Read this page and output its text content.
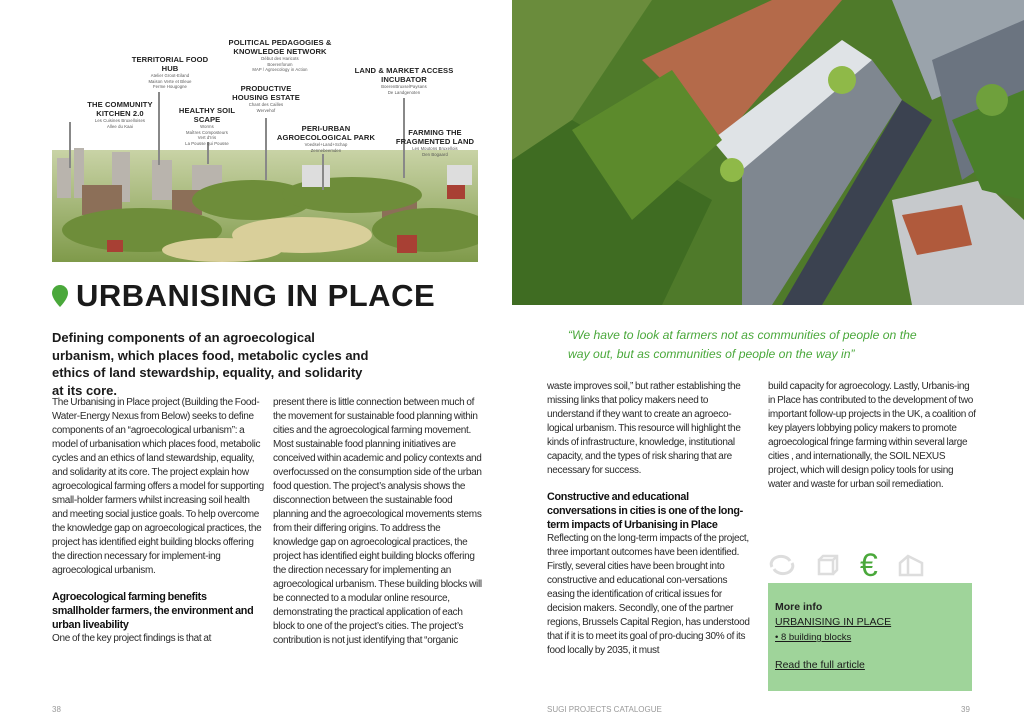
THE COMMUNITY KITCHEN 2.0
Les Cuisines Bruxelloises
Allee du Kaai
TERRITORIAL FOOD HUB
Atelier Groot-Eiland
Maison Verte et Bleue
Ferme Hougogne
HEALTHY SOIL SCAPE
Worms
Maîtres Composteurs
Vert d'Iris
La Pousse qui Pousse
POLITICAL PEDAGOGIES & KNOWLEDGE NETWORK
Début des Haricots
Boerenforum
MAP / Agroecology in Action
PRODUCTIVE HOUSING ESTATE
Chant des Cailles
Wervehof
PERI-URBAN AGROECOLOGICAL PARK
Voedsel+Land+Schap
Zennebeemden
LAND & MARKET ACCESS INCUBATOR
BoerenBruxselPaysans
De Landgenoten
FARMING THE FRAGMENTED LAND
Les Moutons Bruxellois
Den Bogaard
URBANISING IN PLACE
Defining components of an agroecological urbanism, which places food, metabolic cycles and ethics of land stewardship, equality, and solidarity at its core.

The Urbanising in Place project (Building the Food-Water-Energy Nexus from Below) seeks to define components of an “agroecological urbanism”: a model of urbanisation which places food, metabolic cycles and an ethics of land stewardship, equality, and solidarity at its core. The project explain how agroecological farming offers a model for supporting small-holder farmers whilst increasing soil health and meeting social justice goals. To help overcome the knowledge gap on agroecological practices, the project has identified eight building blocks offering the direction necessary for implement-ing agroecological urbanism.

Agroecological farming benefits smallholder farmers, the environment and urban liveability

One of the key project findings is that at

present there is little connection between much of the movement for sustainable food planning within cities and the agroecological farming movement. Most sustainable food planning initiatives are conceived within academic and policy contexts and overfocussed on the consumption side of the urban food question. The project’s analysis shows the disconnection between the sustainable food planning and the agroecological movements stems from their differing origins. To address the knowledge gap on agroecological practices, the project has identified eight building blocks offering the direction necessary for implementing an agroecological urbanism. These building blocks will be connected to a modular online resource, demonstrating the practical application of each block to one of the project’s cities. The project’s contribution is not just identifying that “organic

“We have to look at farmers not as communities of people on the way out, but as communities of people on the way in”

waste improves soil,” but rather establishing the missing links that policy makers need to understand if they want to create an agroeco-logical urbanism. This resource will highlight the kinds of infrastructure, knowledge, institutional capacity, and the types of risk sharing that are necessary for success.

Constructive and educational conversations in cities is one of the long-term impacts of Urbanising in Place

Reflecting on the long-term impacts of the project, three important outcomes have been identified. Firstly, several cities have been brought into constructive and educational con-versations easing the identification of critical issues for decision makers. Secondly, one of the partner regions, Brussels Capital Region, has understood that if it is to meet its goal of pro-ducing 30% of its food locally by 2035, it must

build capacity for agroecology. Lastly, Urbanis-ing in Place has contributed to the development of two important follow-up projects in the UK, a coalition of key players lobbying policy makers to promote agroecological fringe farming within several large cities , and internationally, the SOIL NEXUS project, which will design policy tools for using water and waste for urban soil remediation.

€
More info
URBANISING IN PLACE
• 8 building blocks
Read the full article
38	SUGI PROJECTS CATALOGUE	39
